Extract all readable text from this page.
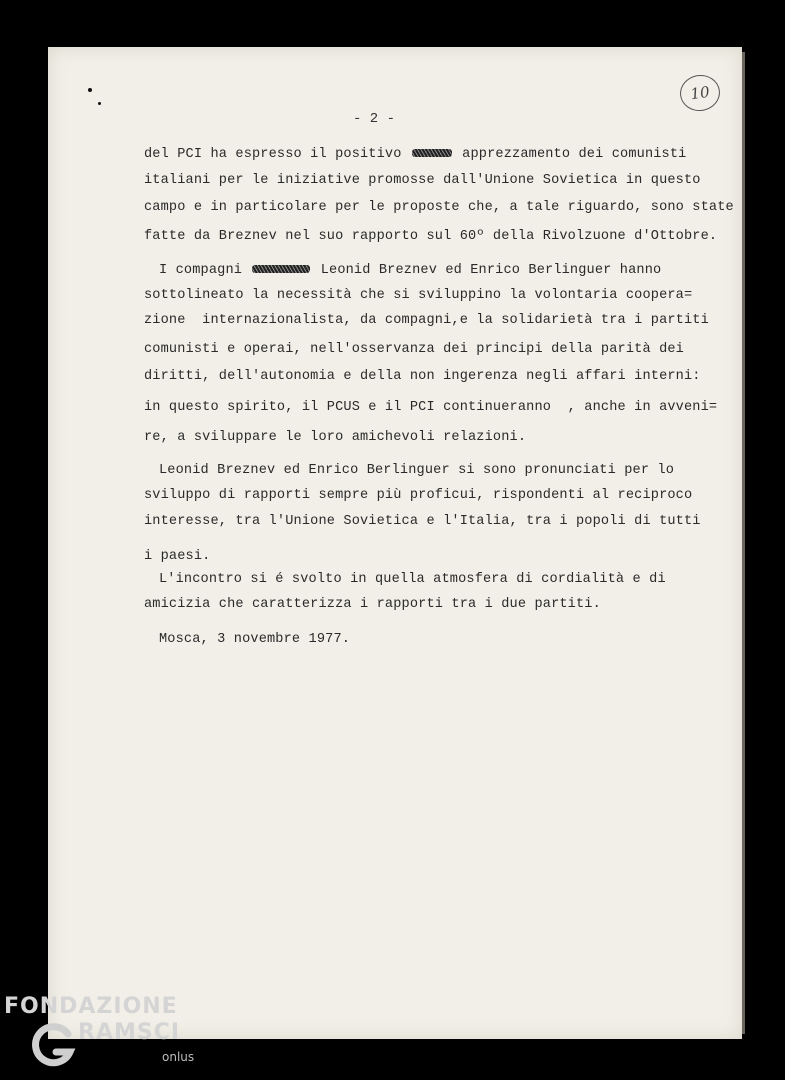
10
- 2 -
del PCI ha espresso il positivo	apprezzamento dei comunisti
italiani per le iniziative promosse dall'Unione Sovietica in questo
campo e in particolare per le proposte che, a tale riguardo, sono state
fatte da Breznev nel suo rapporto sul 60º della Rivolzuone d'Ottobre.
I compagni	Leonid Breznev ed Enrico Berlinguer hanno
sottolineato la necessità che si sviluppino la volontaria coopera=
zione  internazionalista, da compagni,e la solidarietà tra i partiti
comunisti e operai, nell'osservanza dei principi della parità dei
diritti, dell'autonomia e della non ingerenza negli affari interni:
in questo spirito, il PCUS e il PCI continueranno  , anche in avveni=
re, a sviluppare le loro amichevoli relazioni.
Leonid Breznev ed Enrico Berlinguer si sono pronunciati per lo
sviluppo di rapporti sempre più proficui, rispondenti al reciproco
interesse, tra l'Unione Sovietica e l'Italia, tra i popoli di tutti
i paesi.
L'incontro si é svolto in quella atmosfera di cordialità e di
amicizia che caratterizza i rapporti tra i due partiti.
Mosca, 3 novembre 1977.
FONDAZIONE
RAMSCI
onlus
